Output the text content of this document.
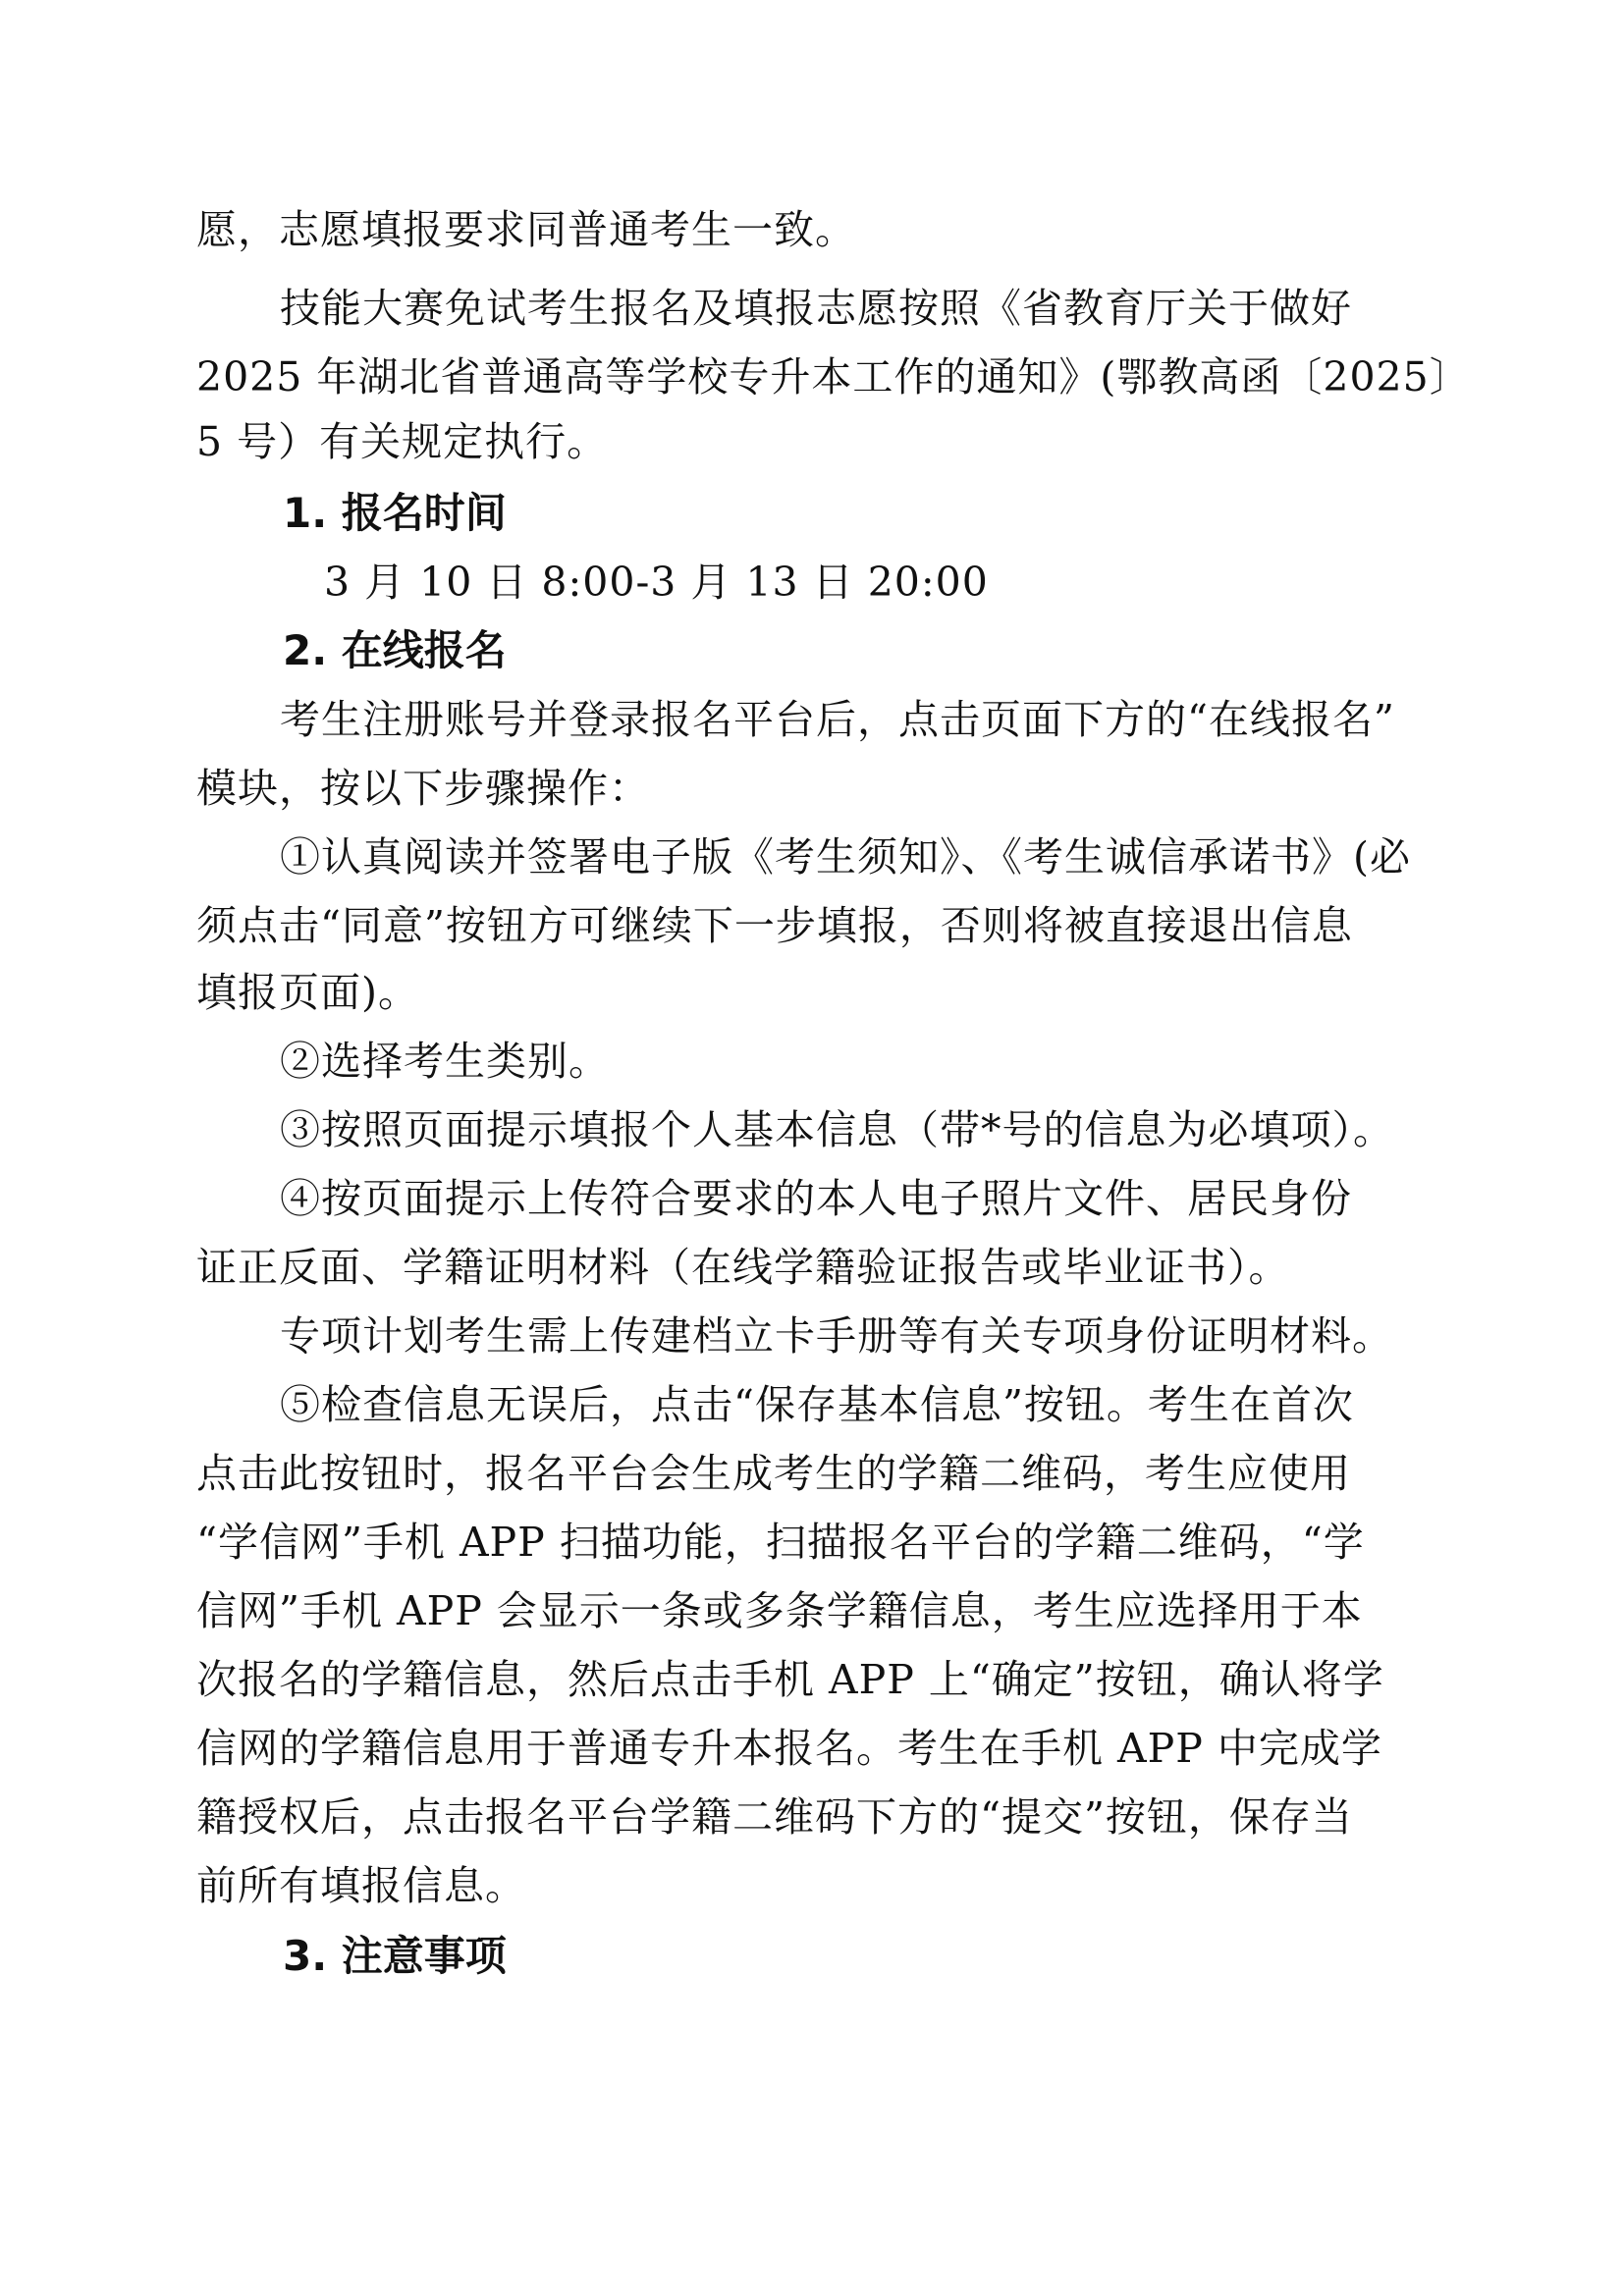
愿，志愿填报要求同普通考生一致。
技能大赛免试考生报名及填报志愿按照《省教育厅关于做好
2025 年湖北省普通高等学校专升本工作的通知》(鄂教高函〔2025〕
5 号）有关规定执行。
1. 报名时间
3 月 10 日 8:00-3 月 13 日 20:00
2. 在线报名
考生注册账号并登录报名平台后，点击页面下方的“在线报名”
模块，按以下步骤操作：
①认真阅读并签署电子版《考生须知》、《考生诚信承诺书》(必
须点击“同意”按钮方可继续下一步填报，否则将被直接退出信息
填报页面)。
②选择考生类别。
③按照页面提示填报个人基本信息（带*号的信息为必填项）。
④按页面提示上传符合要求的本人电子照片文件、居民身份
证正反面、学籍证明材料（在线学籍验证报告或毕业证书）。
专项计划考生需上传建档立卡手册等有关专项身份证明材料。
⑤检查信息无误后，点击“保存基本信息”按钮。考生在首次
点击此按钮时，报名平台会生成考生的学籍二维码，考生应使用
“学信网”手机 APP 扫描功能，扫描报名平台的学籍二维码，“学
信网”手机 APP 会显示一条或多条学籍信息，考生应选择用于本
次报名的学籍信息，然后点击手机 APP 上“确定”按钮，确认将学
信网的学籍信息用于普通专升本报名。考生在手机 APP 中完成学
籍授权后，点击报名平台学籍二维码下方的“提交”按钮，保存当
前所有填报信息。
3. 注意事项
